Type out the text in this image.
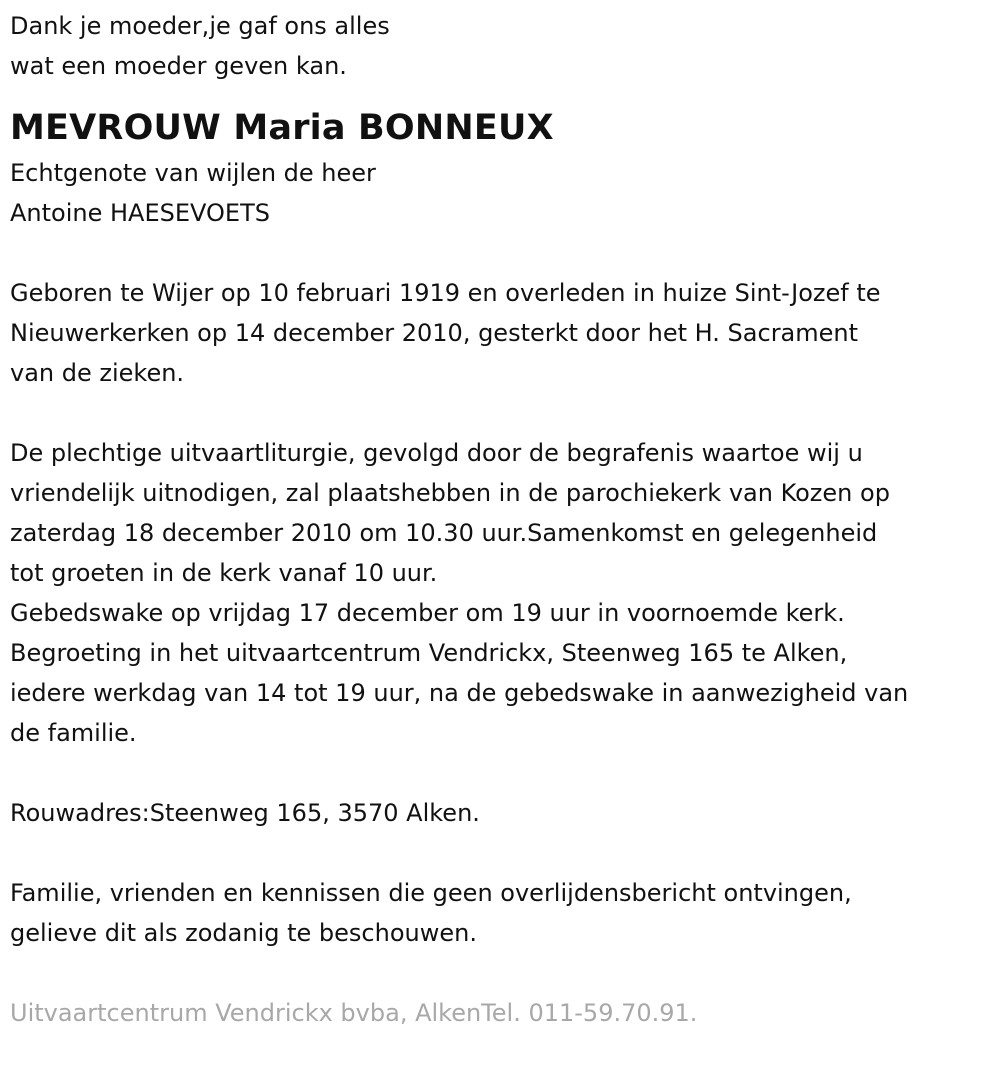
Dank je moeder,je gaf ons alles

wat een moeder geven kan.

MEVROUW Maria BONNEUX

Echtgenote van wijlen de heer

Antoine HAESEVOETS

Geboren te Wijer op 10 februari 1919 en overleden in huize Sint-Jozef te

Nieuwerkerken op 14 december 2010, gesterkt door het H. Sacrament

van de zieken.

De plechtige uitvaartliturgie, gevolgd door de begrafenis waartoe wij u

vriendelijk uitnodigen, zal plaatshebben in de parochiekerk van Kozen op

zaterdag 18 december 2010 om 10.30 uur.Samenkomst en gelegenheid

tot groeten in de kerk vanaf 10 uur.

Gebedswake op vrijdag 17 december om 19 uur in voornoemde kerk.

Begroeting in het uitvaartcentrum Vendrickx, Steenweg 165 te Alken,

iedere werkdag van 14 tot 19 uur, na de gebedswake in aanwezigheid van

de familie.

Rouwadres:Steenweg 165, 3570 Alken.

Familie, vrienden en kennissen die geen overlijdensbericht ontvingen,

gelieve dit als zodanig te beschouwen.

Uitvaartcentrum Vendrickx bvba, AlkenTel. 011-59.70.91.
